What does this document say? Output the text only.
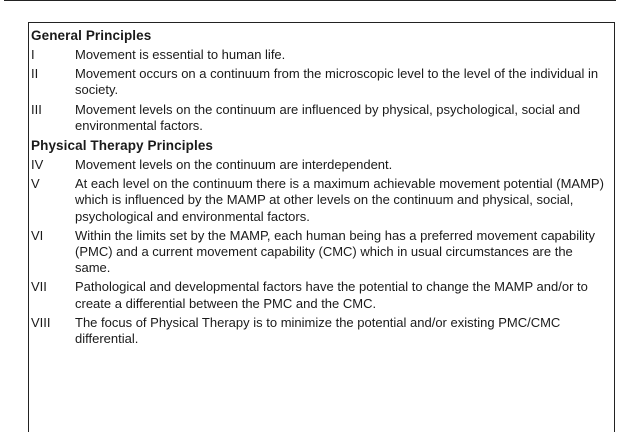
General Principles
I	Movement is essential to human life.
II	Movement occurs on a continuum from the microscopic level to the level of the individual in society.
III	Movement levels on the continuum are influenced by physical, psychological, social and environmental factors.
Physical Therapy Principles
IV	Movement levels on the continuum are interdependent.
V	At each level on the continuum there is a maximum achievable movement potential (MAMP) which is influenced by the MAMP at other levels on the continuum and physical, social, psychological and environmental factors.
VI	Within the limits set by the MAMP, each human being has a preferred movement capability (PMC) and a current movement capability (CMC) which in usual circumstances are the same.
VII	Pathological and developmental factors have the potential to change the MAMP and/or to create a differential between the PMC and the CMC.
VIII	The focus of Physical Therapy is to minimize the potential and/or existing PMC/CMC differential.
